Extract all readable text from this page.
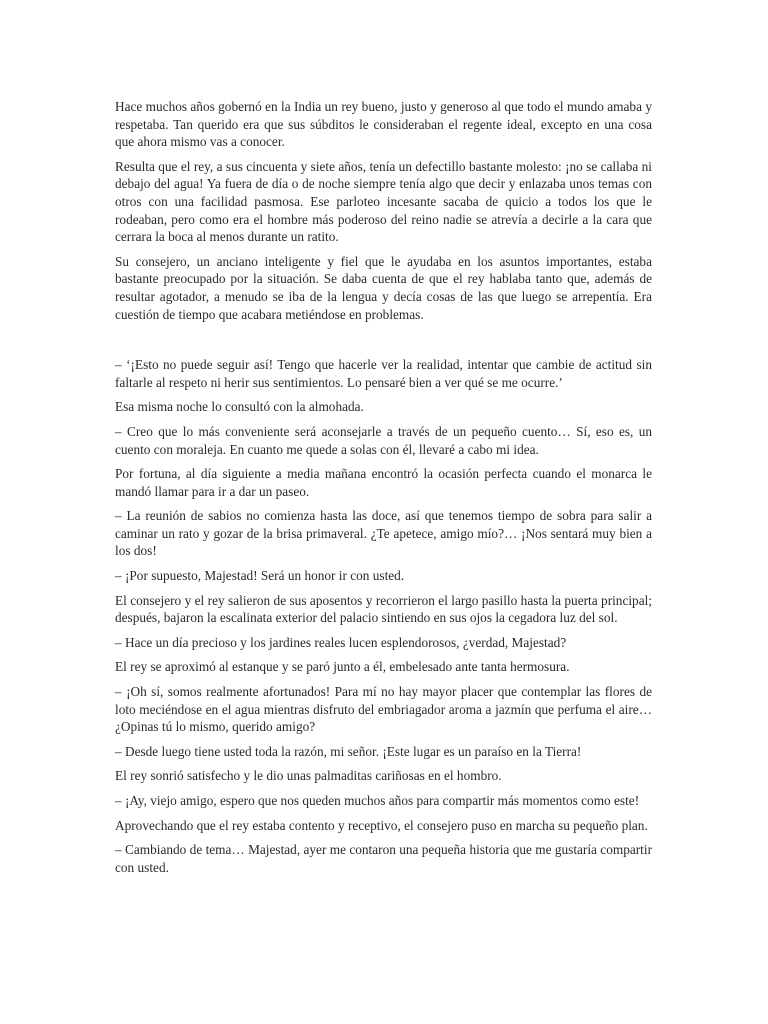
Hace muchos años gobernó en la India un rey bueno, justo y generoso al que todo el mundo amaba y respetaba. Tan querido era que sus súbditos le consideraban el regente ideal, excepto en una cosa que ahora mismo vas a conocer.

Resulta que el rey, a sus cincuenta y siete años, tenía un defectillo bastante molesto: ¡no se callaba ni debajo del agua! Ya fuera de día o de noche siempre tenía algo que decir y enlazaba unos temas con otros con una facilidad pasmosa. Ese parloteo incesante sacaba de quicio a todos los que le rodeaban, pero como era el hombre más poderoso del reino nadie se atrevía a decirle a la cara que cerrara la boca al menos durante un ratito.

Su consejero, un anciano inteligente y fiel que le ayudaba en los asuntos importantes, estaba bastante preocupado por la situación. Se daba cuenta de que el rey hablaba tanto que, además de resultar agotador, a menudo se iba de la lengua y decía cosas de las que luego se arrepentía. Era cuestión de tiempo que acabara metiéndose en problemas.

– ‘¡Esto no puede seguir así! Tengo que hacerle ver la realidad, intentar que cambie de actitud sin faltarle al respeto ni herir sus sentimientos. Lo pensaré bien a ver qué se me ocurre.’

Esa misma noche lo consultó con la almohada.

– Creo que lo más conveniente será aconsejarle a través de un pequeño cuento… Sí, eso es, un cuento con moraleja. En cuanto me quede a solas con él, llevaré a cabo mi idea.

Por fortuna, al día siguiente a media mañana encontró la ocasión perfecta cuando el monarca le mandó llamar para ir a dar un paseo.

– La reunión de sabios no comienza hasta las doce, así que tenemos tiempo de sobra para salir a caminar un rato y gozar de la brisa primaveral. ¿Te apetece, amigo mío?… ¡Nos sentará muy bien a los dos!

– ¡Por supuesto, Majestad! Será un honor ir con usted.

El consejero y el rey salieron de sus aposentos y recorrieron el largo pasillo hasta la puerta principal; después, bajaron la escalinata exterior del palacio sintiendo en sus ojos la cegadora luz del sol.

– Hace un día precioso y los jardines reales lucen esplendorosos, ¿verdad, Majestad?

El rey se aproximó al estanque y se paró junto a él, embelesado ante tanta hermosura.

– ¡Oh sí, somos realmente afortunados! Para mí no hay mayor placer que contemplar las flores de loto meciéndose en el agua mientras disfruto del embriagador aroma a jazmín que perfuma el aire… ¿Opinas tú lo mismo, querido amigo?

– Desde luego tiene usted toda la razón, mi señor. ¡Este lugar es un paraíso en la Tierra!

El rey sonrió satisfecho y le dio unas palmaditas cariñosas en el hombro.

– ¡Ay, viejo amigo, espero que nos queden muchos años para compartir más momentos como este!

Aprovechando que el rey estaba contento y receptivo, el consejero puso en marcha su pequeño plan.

– Cambiando de tema… Majestad, ayer me contaron una pequeña historia que me gustaría compartir con usted.
